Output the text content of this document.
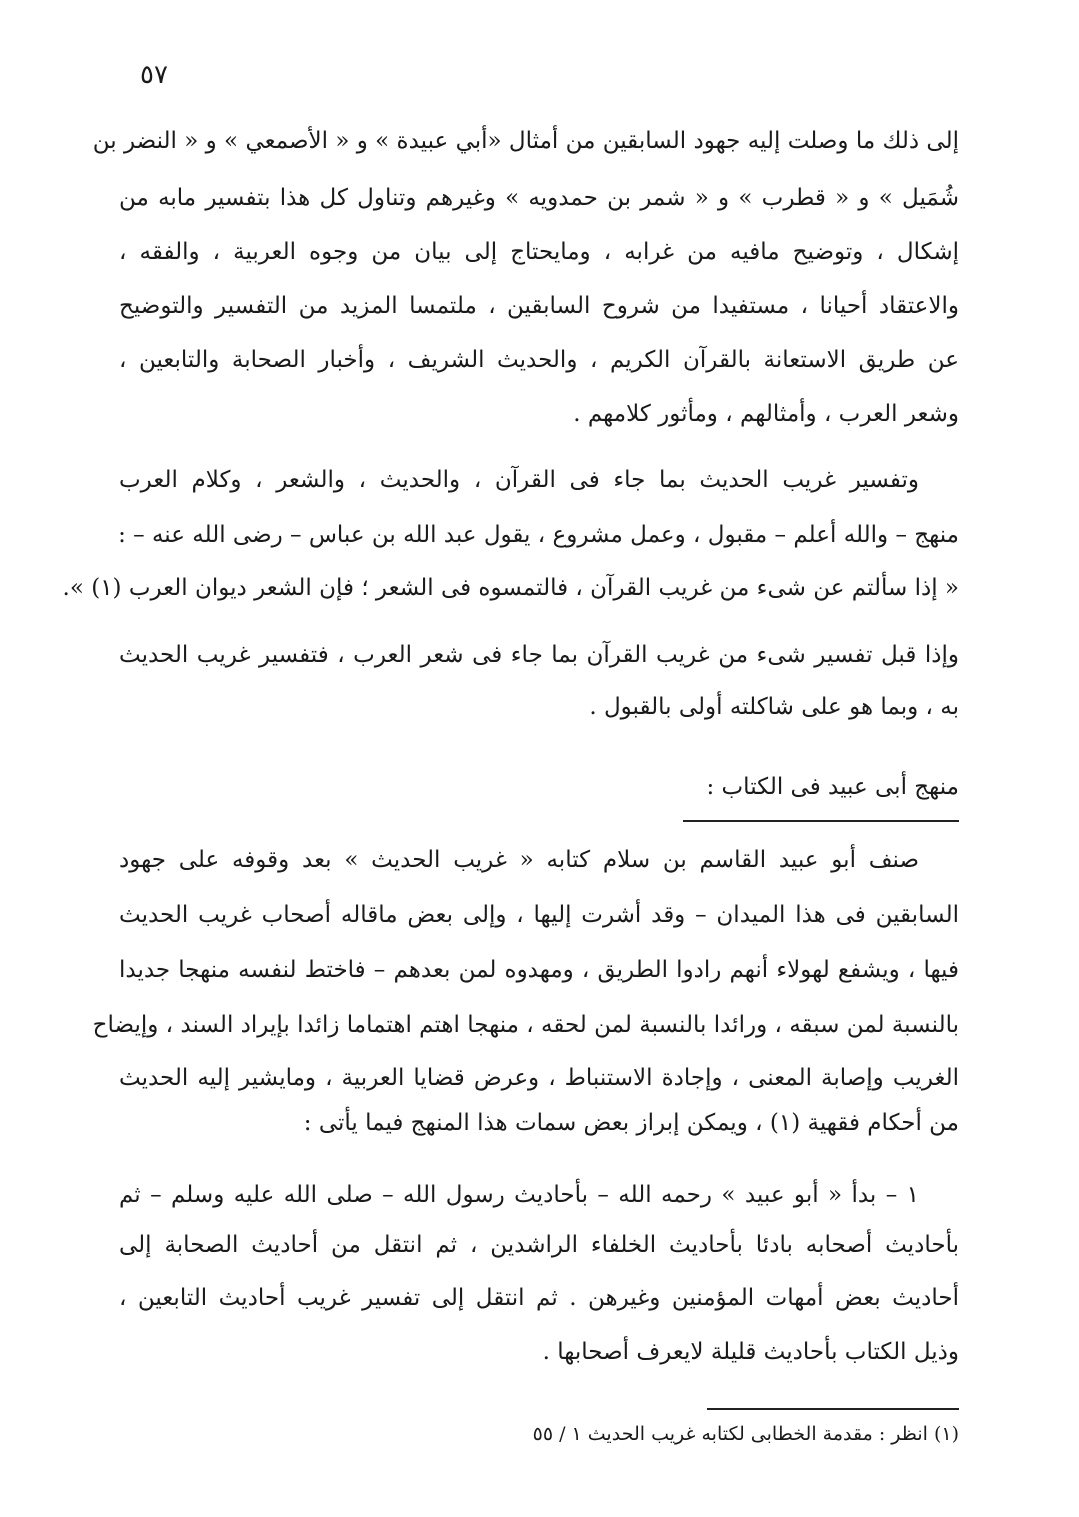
٥٧
إلى ذلك ما وصلت إليه جهود السابقين من أمثال «أبي عبيدة » و « الأصمعي » و « النضر بن
شُمَيل » و « قطرب » و « شمر بن حمدويه » وغيرهم وتناول كل هذا بتفسير مابه من
إشكال ، وتوضيح مافيه من غرابه ، ومايحتاج إلى بيان من وجوه العربية ، والفقه ،
والاعتقاد أحيانا ، مستفيدا من شروح السابقين ، ملتمسا المزيد من التفسير والتوضيح
عن طريق الاستعانة بالقرآن الكريم ، والحديث الشريف ، وأخبار الصحابة والتابعين ،
وشعر العرب ، وأمثالهم ، ومأثور كلامهم .
وتفسير غريب الحديث بما جاء فى القرآن ، والحديث ، والشعر ، وكلام العرب
منهج – والله أعلم – مقبول ، وعمل مشروع ، يقول عبد الله بن عباس – رضى الله عنه – :
« إذا سألتم عن شىء من غريب القرآن ، فالتمسوه فى الشعر ؛ فإن الشعر ديوان العرب (١) ».
وإذا قبل تفسير شىء من غريب القرآن بما جاء فى شعر العرب ، فتفسير غريب الحديث
به ، وبما هو على شاكلته أولى بالقبول .
منهج أبى عبيد فى الكتاب :
صنف أبو عبيد القاسم بن سلام كتابه « غريب الحديث » بعد وقوفه على جهود
السابقين فى هذا الميدان – وقد أشرت إليها ، وإلى بعض ماقاله أصحاب غريب الحديث
فيها ، ويشفع لهولاء أنهم رادوا الطريق ، ومهدوه لمن بعدهم – فاختط لنفسه منهجا جديدا
بالنسبة لمن سبقه ، ورائدا بالنسبة لمن لحقه ، منهجا اهتم اهتماما زائدا بإيراد السند ، وإيضاح
الغريب وإصابة المعنى ، وإجادة الاستنباط ، وعرض قضايا العربية ، ومايشير إليه الحديث
من أحكام فقهية (١) ، ويمكن إبراز بعض سمات هذا المنهج فيما يأتى :
١ – بدأ « أبو عبيد » رحمه الله – بأحاديث رسول الله – صلى الله عليه وسلم – ثم
بأحاديث أصحابه بادئا بأحاديث الخلفاء الراشدين ، ثم انتقل من أحاديث الصحابة إلى
أحاديث بعض أمهات المؤمنين وغيرهن . ثم انتقل إلى تفسير غريب أحاديث التابعين ،
وذيل الكتاب بأحاديث قليلة لايعرف أصحابها .
(١) انظر : مقدمة الخطابى لكتابه غريب الحديث ١ / ٥٥
